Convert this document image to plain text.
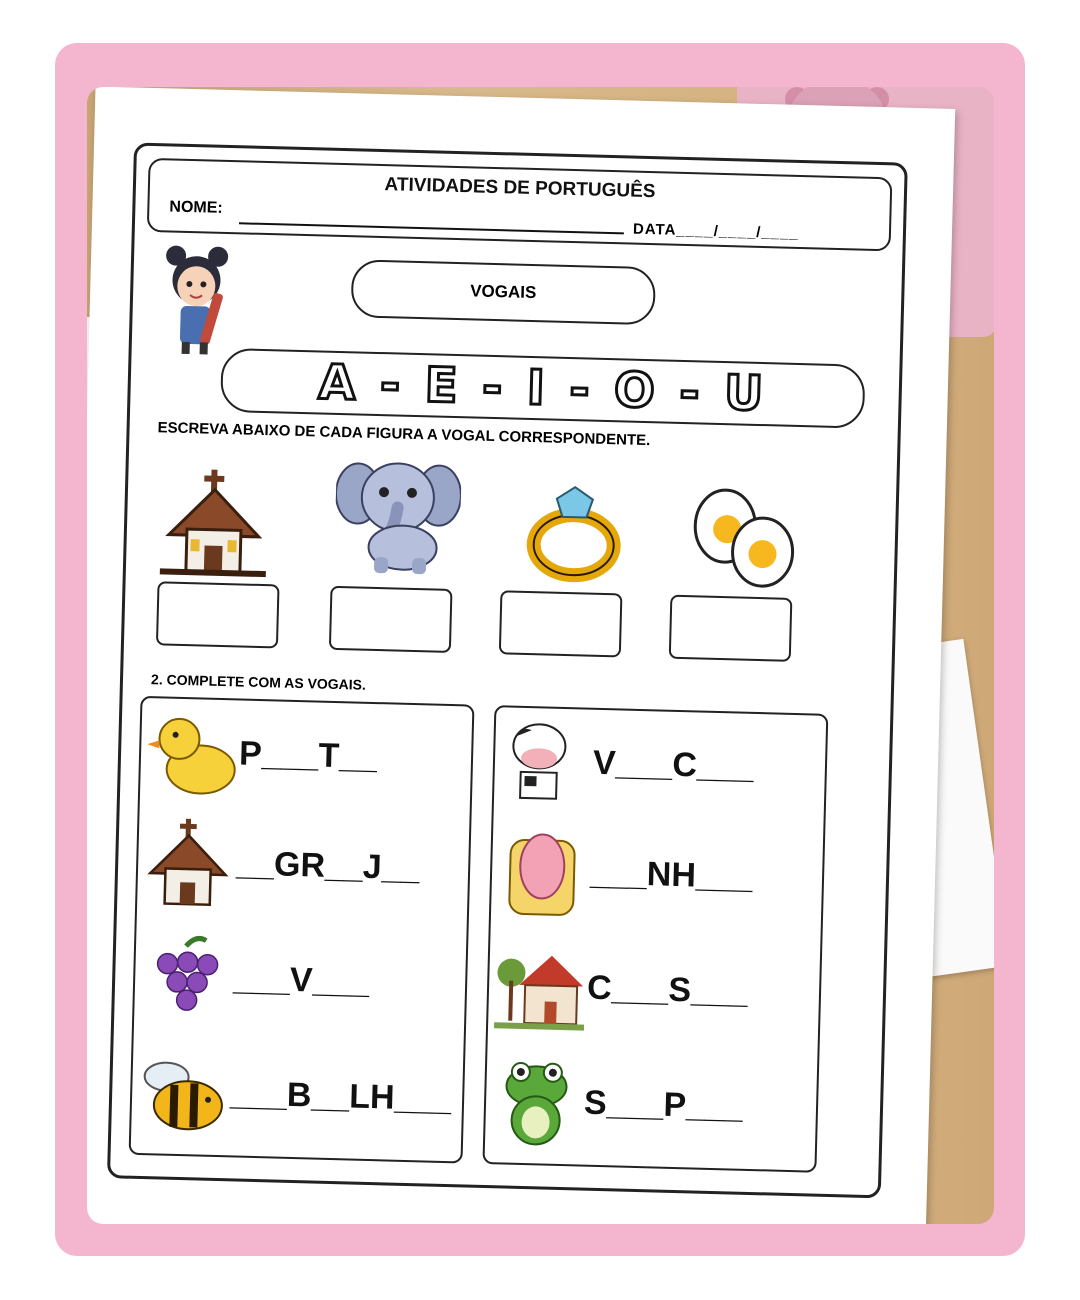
ATIVIDADES DE PORTUGUÊS
NOME:
DATA____/____/____
VOGAIS
A - E - I - O - U
ESCREVA ABAIXO DE CADA FIGURA A VOGAL CORRESPONDENTE.
2. COMPLETE COM AS VOGAIS.
P___T__
__GR__J__
___V___
___B__LH___
V___C___
___NH___
C___S___
S___P___
